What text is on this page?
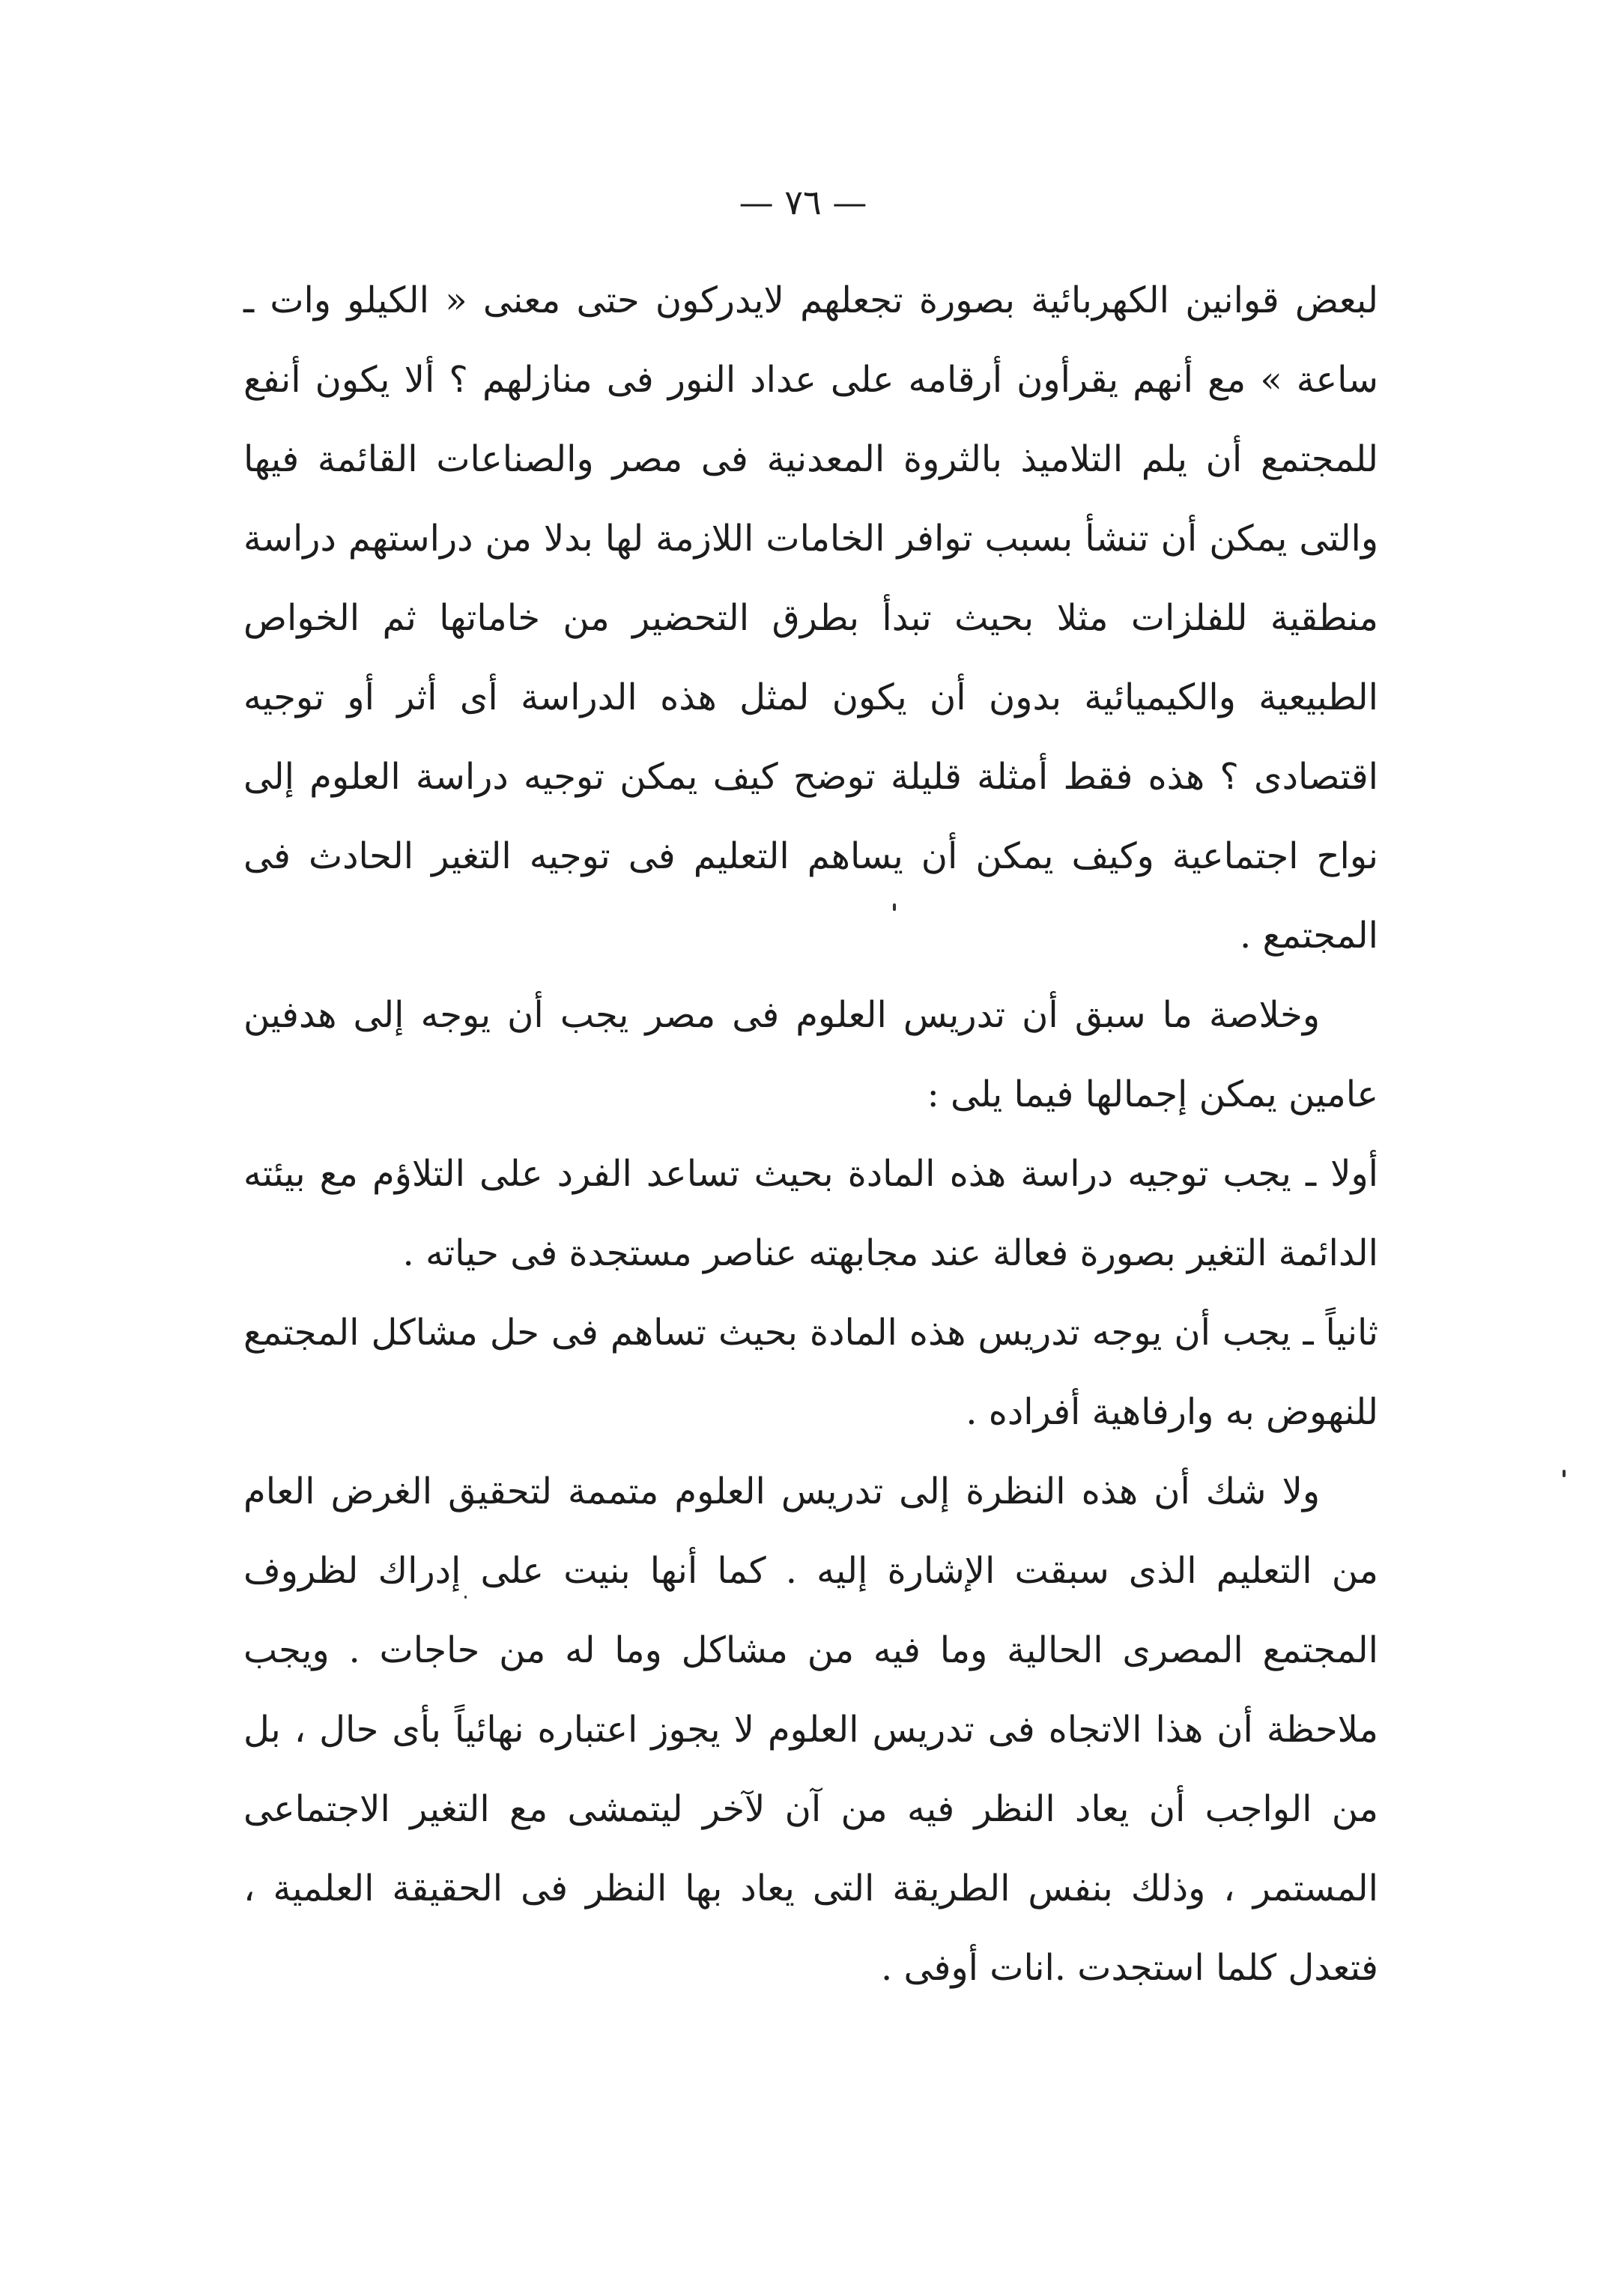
— ٧٦ —

لبعض قوانين الكهربائية بصورة تجعلهم لايدركون حتى معنى « الكيلو وات ـ ساعة » مع أنهم يقرأون أرقامه على عداد النور فى منازلهم ؟ ألا يكون أنفع للمجتمع أن يلم التلاميذ بالثروة المعدنية فى مصر والصناعات القائمة فيها والتى يمكن أن تنشأ بسبب توافر الخامات اللازمة لها بدلا من دراستهم دراسة منطقية للفلزات مثلا بحيث تبدأ بطرق التحضير من خاماتها ثم الخواص الطبيعية والكيميائية بدون أن يكون لمثل هذه الدراسة أى أثر أو توجيه اقتصادى ؟ هذه فقط أمثلة قليلة توضح كيف يمكن توجيه دراسة العلوم إلى نواح اجتماعية وكيف يمكن أن يساهم التعليم فى توجيه التغير الحادث فى المجتمع .

وخلاصة ما سبق أن تدريس العلوم فى مصر يجب أن يوجه إلى هدفين عامين يمكن إجمالها فيما يلى :

أولا ـ يجب توجيه دراسة هذه المادة بحيث تساعد الفرد على التلاؤم مع بيئته الدائمة التغير بصورة فعالة عند مجابهته عناصر مستجدة فى حياته .

ثانياً ـ يجب أن يوجه تدريس هذه المادة بحيث تساهم فى حل مشاكل المجتمع للنهوض به وارفاهية أفراده .

ولا شك أن هذه النظرة إلى تدريس العلوم متممة لتحقيق الغرض العام من التعليم الذى سبقت الإشارة إليه . كما أنها بنيت على إدراك لظروف المجتمع المصرى الحالية وما فيه من مشاكل وما له من حاجات . ويجب ملاحظة أن هذا الاتجاه فى تدريس العلوم لا يجوز اعتباره نهائياً بأى حال ، بل من الواجب أن يعاد النظر فيه من آن لآخر ليتمشى مع التغير الاجتماعى المستمر ، وذلك بنفس الطريقة التى يعاد بها النظر فى الحقيقة العلمية ، فتعدل كلما استجدت .انات أوفى .
